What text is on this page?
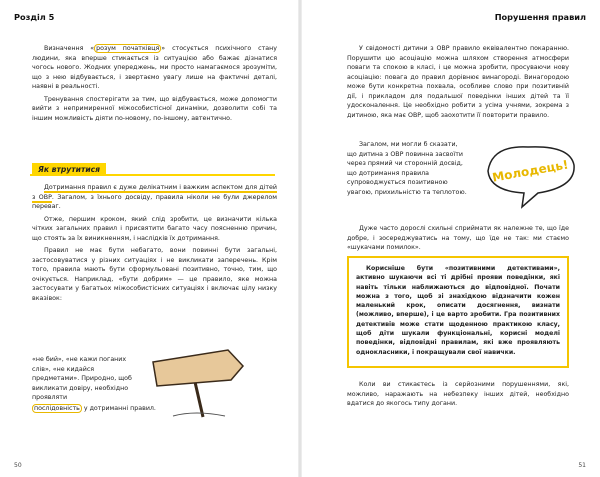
Розділ 5	Порушення правил

Визначення « розум початківця » стосується психічного стану людини, яка вперше стикається із ситуацією або бажає дізнатися чогось нового. Жодних упереджень, ми просто намагаємося зрозуміти, що з нею відбувається, і звертаємо увагу лише на фактичні деталі, наявні в реальності.

Тренування спостерігати за тим, що відбувається, може допомогти вийти з непримиренної міжособистісної динаміки, дозволити собі та іншим можливість діяти по-новому, по-іншому, автентично.

Як втрутитися

Дотримання правил є дуже делікатним і важким аспектом для дітей з ОВР. Загалом, з їхнього досвіду, правила ніколи не були джерелом переваг.

Отже, першим кроком, який слід зробити, це визначити кілька чітких загальних правил і присвятити багато часу поясненню причин, що стоять за їх виникненням, і наслідків їх дотримання.

Правил не має бути небагато, вони повинні бути загальні, застосовуватися у різних ситуаціях і не викликати заперечень. Крім того, правила мають бути сформульовані позитивно, точно, тим, що очікується. Наприклад, «бути добрим» — це правило, яке можна застосувати у багатьох міжособистісних ситуаціях і включає цілу низку вказівок:

«не бий», «не кажи поганих слів», «не кидайся предметами». Природно, щоб викликати довіру, необхідно проявляти

послідовність у дотриманні правил.

50

У свідомості дитини з ОВР правило еквівалентно покаранню. Порушити цю асоціацію можна шляхом створення атмосфери поваги та спокою в класі, і це можна зробити, просуваючи нову асоціацію: повага до правил дорівнює винагороді. Винагородою може бути конкретна похвала, особливе слово при позитивній дії, і прикладом для подальшої поведінки інших дітей та її удосконалення. Це необхідно робити з усіма учнями, зокрема з дитиною, яка має ОВР, щоб заохотити її повторити правило.

Загалом, ми могли б сказати, що дитина з ОВР повинна засвоїти через прямий чи сторонній досвід, що дотримання правила супроводжується позитивною увагою, прихильністю та теплотою.

Молодець!

Дуже часто дорослі схильні сприймати як належне те, що їде добре, і зосереджуватись на тому, що їде не так: ми стаємо «шукачами помилок».

Корисніше бути «позитивними детективами», активно шукаючи всі ті дрібні прояви поведінки, які навіть тільки наближаються до відповідної. Почати можна з того, щоб зі знахідкою відзначити кожен маленький крок, описати досягнення, визнати (можливо, вперше), і це варто зробити. Гра позитивних детективів може стати щоденною практикою класу, щоб діти шукали функціональні, корисні моделі поведінки, відповідні правилам, які вже проявляють однокласники, і покращували свої навички.

Коли ви стикаєтесь із серйозними порушеннями, які, можливо, наражають на небезпеку інших дітей, необхідно вдатися до якогось типу догани.

51
